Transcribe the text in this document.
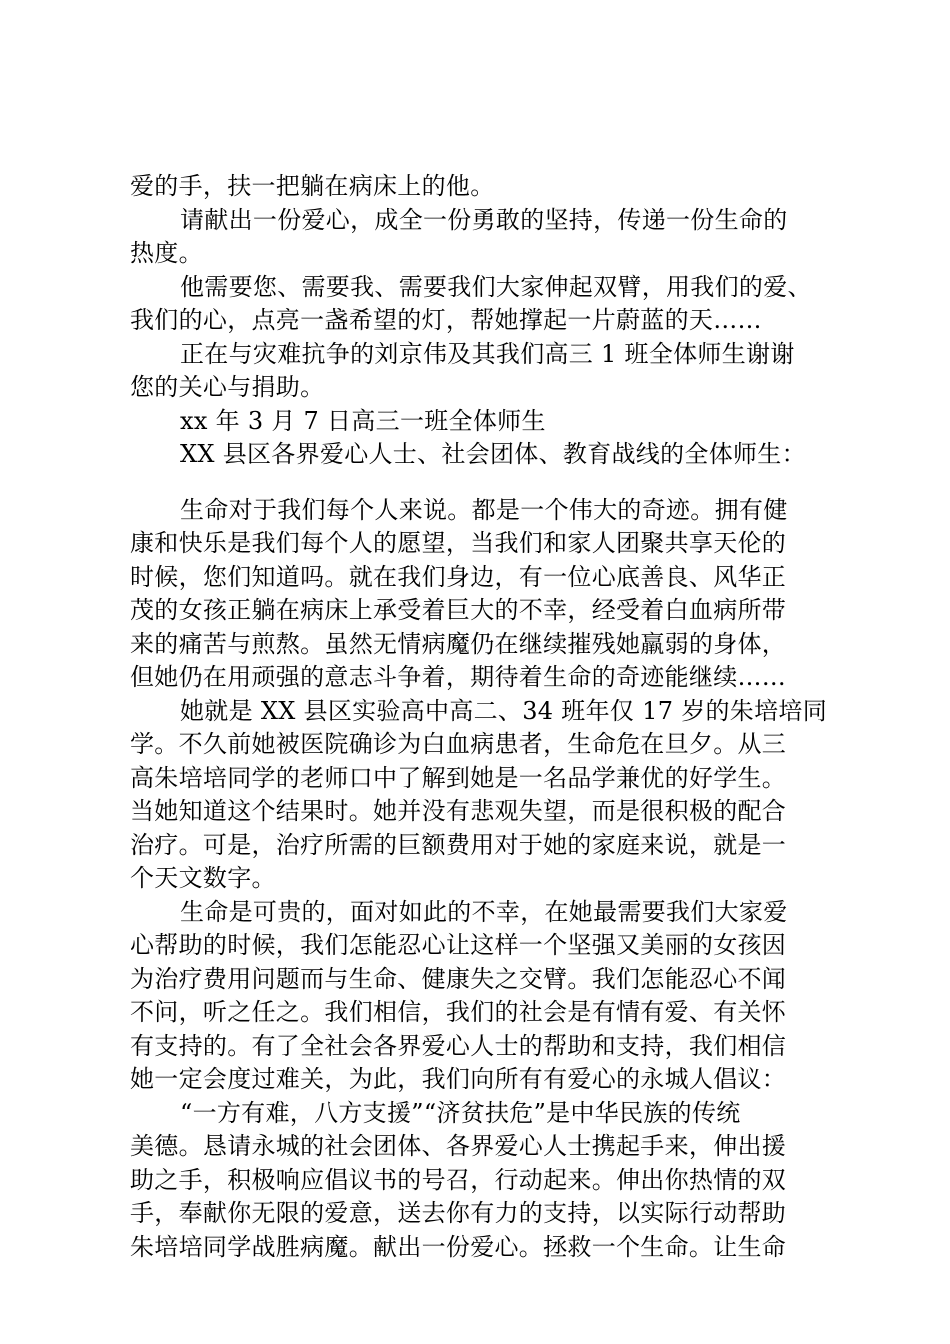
爱的手，扶一把躺在病床上的他。
请献出一份爱心，成全一份勇敢的坚持，传递一份生命的
热度。
他需要您、需要我、需要我们大家伸起双臂，用我们的爱、
我们的心，点亮一盏希望的灯，帮她撑起一片蔚蓝的天……
正在与灾难抗争的刘京伟及其我们高三 1 班全体师生谢谢
您的关心与捐助。
xx 年 3 月 7 日高三一班全体师生
XX 县区各界爱心人士、社会团体、教育战线的全体师生：
生命对于我们每个人来说。都是一个伟大的奇迹。拥有健
康和快乐是我们每个人的愿望，当我们和家人团聚共享天伦的
时候，您们知道吗。就在我们身边，有一位心底善良、风华正
茂的女孩正躺在病床上承受着巨大的不幸，经受着白血病所带
来的痛苦与煎熬。虽然无情病魔仍在继续摧残她羸弱的身体，
但她仍在用顽强的意志斗争着，期待着生命的奇迹能继续……
她就是 XX 县区实验高中高二、34 班年仅 17 岁的朱培培同
学。不久前她被医院确诊为白血病患者，生命危在旦夕。从三
高朱培培同学的老师口中了解到她是一名品学兼优的好学生。
当她知道这个结果时。她并没有悲观失望，而是很积极的配合
治疗。可是，治疗所需的巨额费用对于她的家庭来说，就是一
个天文数字。
生命是可贵的，面对如此的不幸，在她最需要我们大家爱
心帮助的时候，我们怎能忍心让这样一个坚强又美丽的女孩因
为治疗费用问题而与生命、健康失之交臂。我们怎能忍心不闻
不问，听之任之。我们相信，我们的社会是有情有爱、有关怀
有支持的。有了全社会各界爱心人士的帮助和支持，我们相信
她一定会度过难关，为此，我们向所有有爱心的永城人倡议：
“一方有难，八方支援”“济贫扶危”是中华民族的传统
美德。恳请永城的社会团体、各界爱心人士携起手来，伸出援
助之手，积极响应倡议书的号召，行动起来。伸出你热情的双
手，奉献你无限的爱意，送去你有力的支持，以实际行动帮助
朱培培同学战胜病魔。献出一份爱心。拯救一个生命。让生命
